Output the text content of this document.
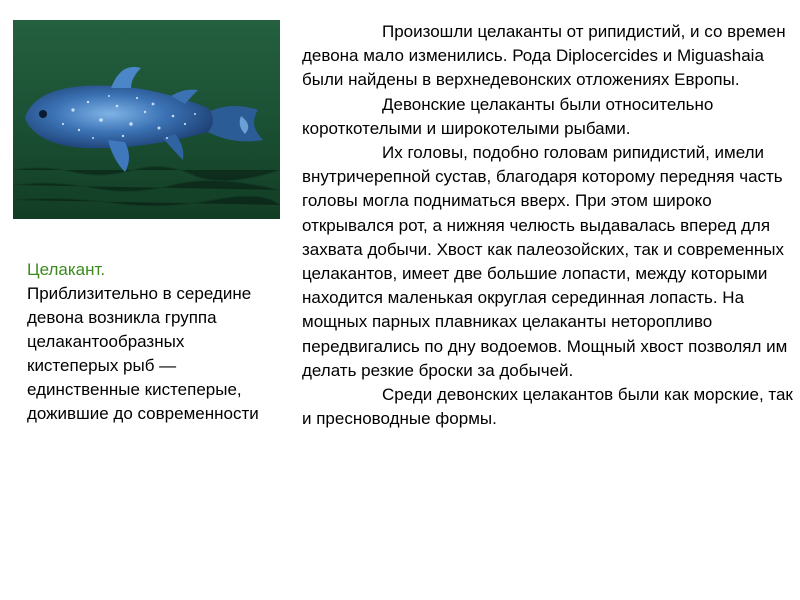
Целакант.
Приблизительно в середине девона возникла группа целакантообразных кистеперых рыб — единственные кистеперые, дожившие до современности

Произошли целаканты от рипидистий, и со времен девона мало изменились. Рода Diplocercides и Miguashaia были найдены в верхнедевонских отложениях Европы.

Девонские целаканты были относительно короткотелыми и широкотелыми рыбами.

Их головы, подобно головам рипидистий, имели внутричерепной сустав, благодаря которому передняя часть головы могла подниматься вверх. При этом широко открывался рот, а нижняя челюсть выдавалась вперед для захвата добычи. Хвост как палеозойских, так и современных целакантов, имеет две большие лопасти, между которыми находится маленькая округлая серединная лопасть. На мощных парных плавниках целаканты неторопливо передвигались по дну водоемов. Мощный хвост позволял им делать резкие броски за добычей.

Среди девонских целакантов были как морские, так и пресноводные формы.
